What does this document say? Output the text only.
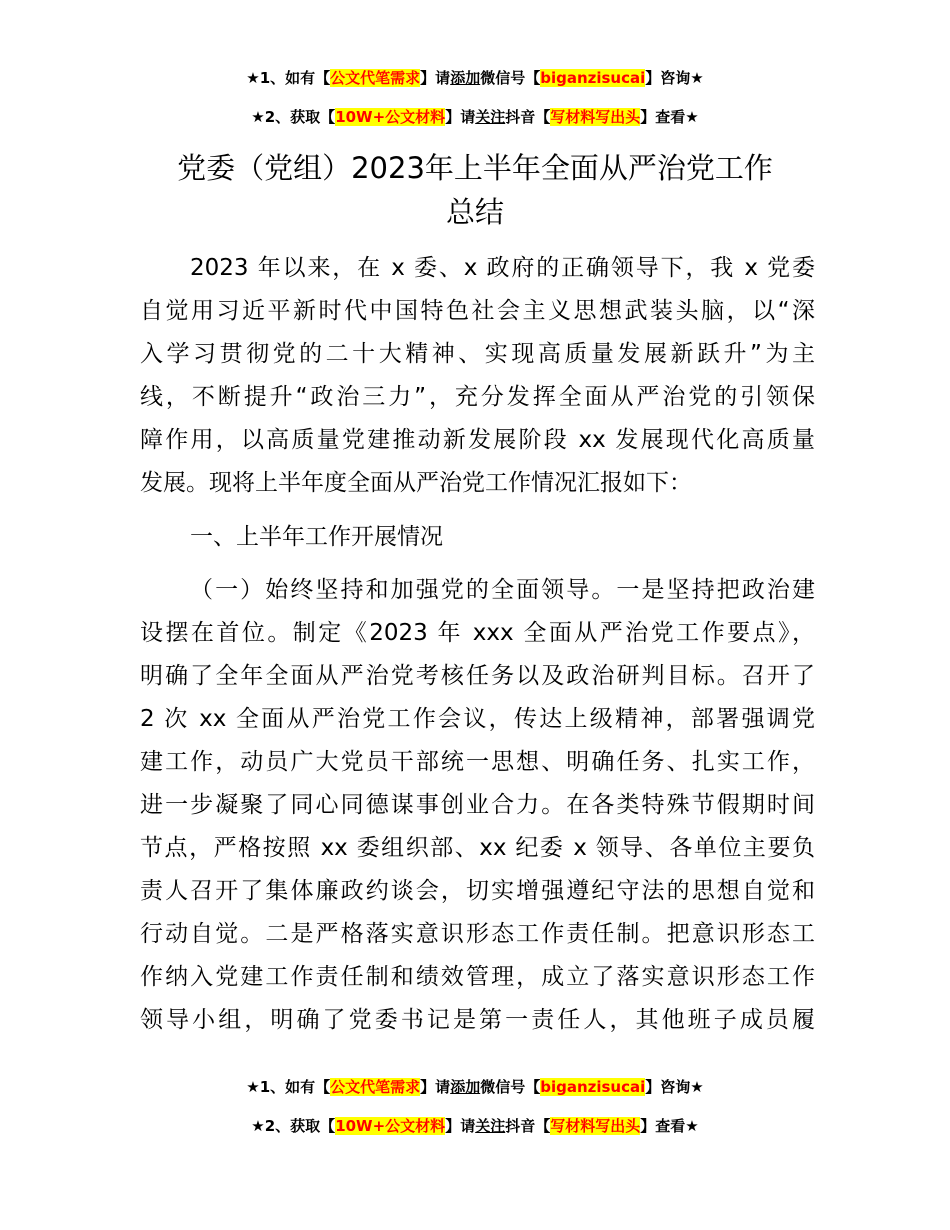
★1、如有【公文代笔需求】请添加微信号【biganzisucai】咨询★
★2、获取【10W+公文材料】请关注抖音【写材料写出头】查看★
党委（党组）2023年上半年全面从严治党工作
总结
2023 年以来，在 x 委、x 政府的正确领导下，我 x 党委
自觉用习近平新时代中国特色社会主义思想武装头脑，以“深
入学习贯彻党的二十大精神、实现高质量发展新跃升”为主
线，不断提升“政治三力”，充分发挥全面从严治党的引领保
障作用，以高质量党建推动新发展阶段 xx 发展现代化高质量
发展。现将上半年度全面从严治党工作情况汇报如下：
一、上半年工作开展情况
（一）始终坚持和加强党的全面领导。一是坚持把政治建
设摆在首位。制定《2023 年 xxx 全面从严治党工作要点》，
明确了全年全面从严治党考核任务以及政治研判目标。召开了
2 次 xx 全面从严治党工作会议，传达上级精神，部署强调党
建工作，动员广大党员干部统一思想、明确任务、扎实工作，
进一步凝聚了同心同德谋事创业合力。在各类特殊节假期时间
节点，严格按照 xx 委组织部、xx 纪委 x 领导、各单位主要负
责人召开了集体廉政约谈会，切实增强遵纪守法的思想自觉和
行动自觉。二是严格落实意识形态工作责任制。把意识形态工
作纳入党建工作责任制和绩效管理，成立了落实意识形态工作
领导小组，明确了党委书记是第一责任人，其他班子成员履
★1、如有【公文代笔需求】请添加微信号【biganzisucai】咨询★
★2、获取【10W+公文材料】请关注抖音【写材料写出头】查看★
